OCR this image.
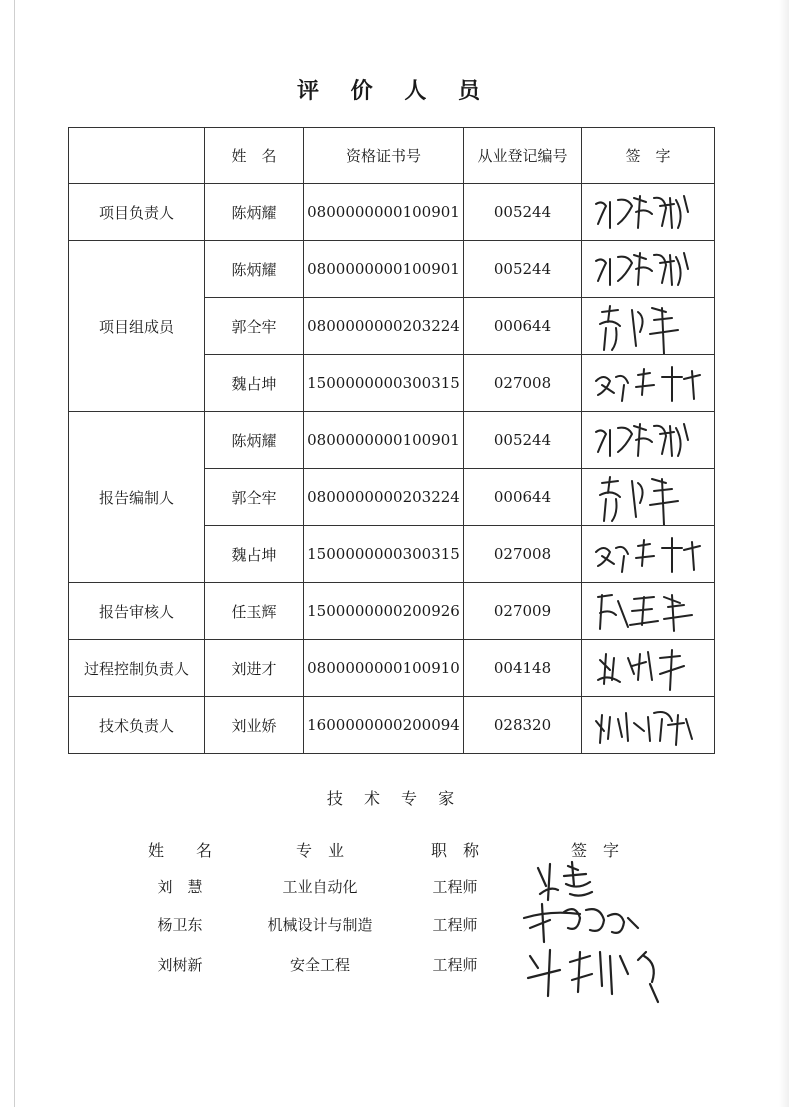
评 价 人 员
	姓　名	资格证书号	从业登记编号	签　字
项目负责人	陈炳耀	0800000000100901	005244	

项目组成员	陈炳耀	0800000000100901	005244	

	郭仝牢	0800000000203224	000644	

	魏占坤	1500000000300315	027008	

报告编制人	陈炳耀	0800000000100901	005244	

	郭仝牢	0800000000203224	000644	

	魏占坤	1500000000300315	027008	

报告审核人	任玉辉	1500000000200926	027009	

过程控制负责人	刘进才	0800000000100910	004148	

技术负责人	刘业娇	1600000000200094	028320	
技 术 专 家
姓　　名	专　业	职　称	签　字
刘　慧	工业自动化	工程师
杨卫东	机械设计与制造	工程师
刘树新	安全工程	工程师
